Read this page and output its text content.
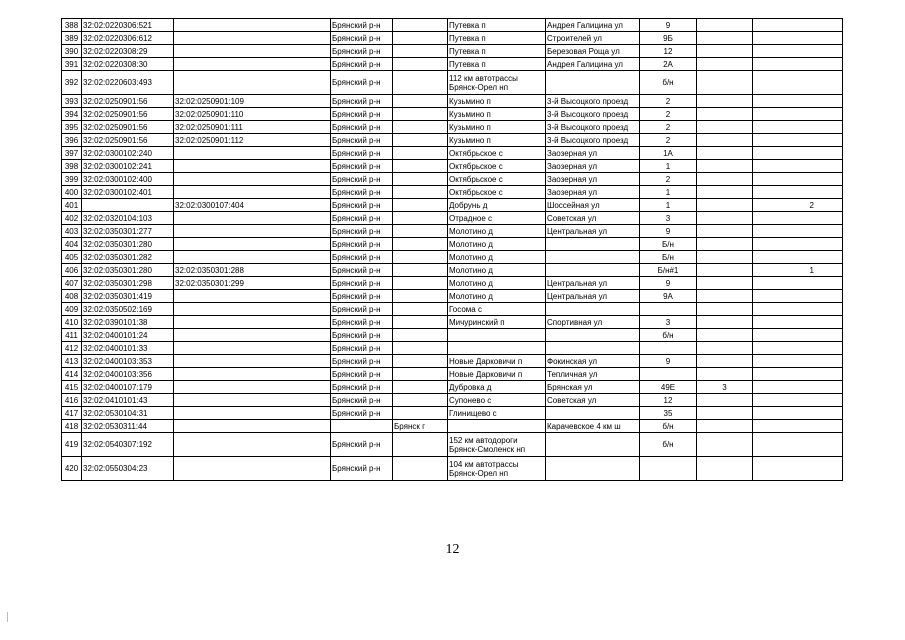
388	32:02:0220306:521		Брянский р-н		Путевка п	Андрея Галицина ул	9		
389	32:02:0220306:612		Брянский р-н		Путевка п	Строителей ул	9Б		
390	32:02:0220308:29		Брянский р-н		Путевка п	Березовая Роща ул	12		
391	32:02:0220308:30		Брянский р-н		Путевка п	Андрея Галицина ул	2А		
392	32:02:0220603:493		Брянский р-н		112 км автотрассы Брянск-Орел нп		б/н		
393	32:02:0250901:56	32:02:0250901:109	Брянский р-н		Кузьмино п	3-й Высоцкого проезд	2		
394	32:02:0250901:56	32:02:0250901:110	Брянский р-н		Кузьмино п	3-й Высоцкого проезд	2		
395	32:02:0250901:56	32:02:0250901:111	Брянский р-н		Кузьмино п	3-й Высоцкого проезд	2		
396	32:02:0250901:56	32:02:0250901:112	Брянский р-н		Кузьмино п	3-й Высоцкого проезд	2		
397	32:02:0300102:240		Брянский р-н		Октябрьское с	Заозерная ул	1А		
398	32:02:0300102:241		Брянский р-н		Октябрьское с	Заозерная ул	1		
399	32:02:0300102:400		Брянский р-н		Октябрьское с	Заозерная ул	2		
400	32:02:0300102:401		Брянский р-н		Октябрьское с	Заозерная ул	1		
401		32:02:0300107:404	Брянский р-н		Добрунь д	Шоссейная ул	1		2
402	32:02:0320104:103		Брянский р-н		Отрадное с	Советская ул	3		
403	32:02:0350301:277		Брянский р-н		Молотино д	Центральная ул	9		
404	32:02:0350301:280		Брянский р-н		Молотино д		Б/н		
405	32:02:0350301:282		Брянский р-н		Молотино д		Б/н		
406	32:02:0350301:280	32:02:0350301:288	Брянский р-н		Молотино д		Б/н#1		1
407	32:02:0350301:298	32:02:0350301:299	Брянский р-н		Молотино д	Центральная ул	9		
408	32:02:0350301:419		Брянский р-н		Молотино д	Центральная ул	9А		
409	32:02:0350502:169		Брянский р-н		Госома с				
410	32:02:0390101:38		Брянский р-н		Мичуринский п	Спортивная ул	3		
411	32:02:0400101:24		Брянский р-н				б/н		
412	32:02:0400101:33		Брянский р-н						
413	32:02:0400103:353		Брянский р-н		Новые Дарковичи п	Фокинская ул	9		
414	32:02:0400103:356		Брянский р-н		Новые Дарковичи п	Тепличная ул			
415	32:02:0400107:179		Брянский р-н		Дубровка д	Брянская ул	49Е	3	
416	32:02:0410101:43		Брянский р-н		Супонево с	Советская ул	12		
417	32:02:0530104:31		Брянский р-н		Глинищево с		35		
418	32:02:0530311:44			Брянск г		Карачевское 4 км ш	б/н		
419	32:02:0540307:192		Брянский р-н		152 км автодороги Брянск-Смоленск нп		б/н		
420	32:02:0550304:23		Брянский р-н		104 км автотрассы Брянск-Орел нп				
12
